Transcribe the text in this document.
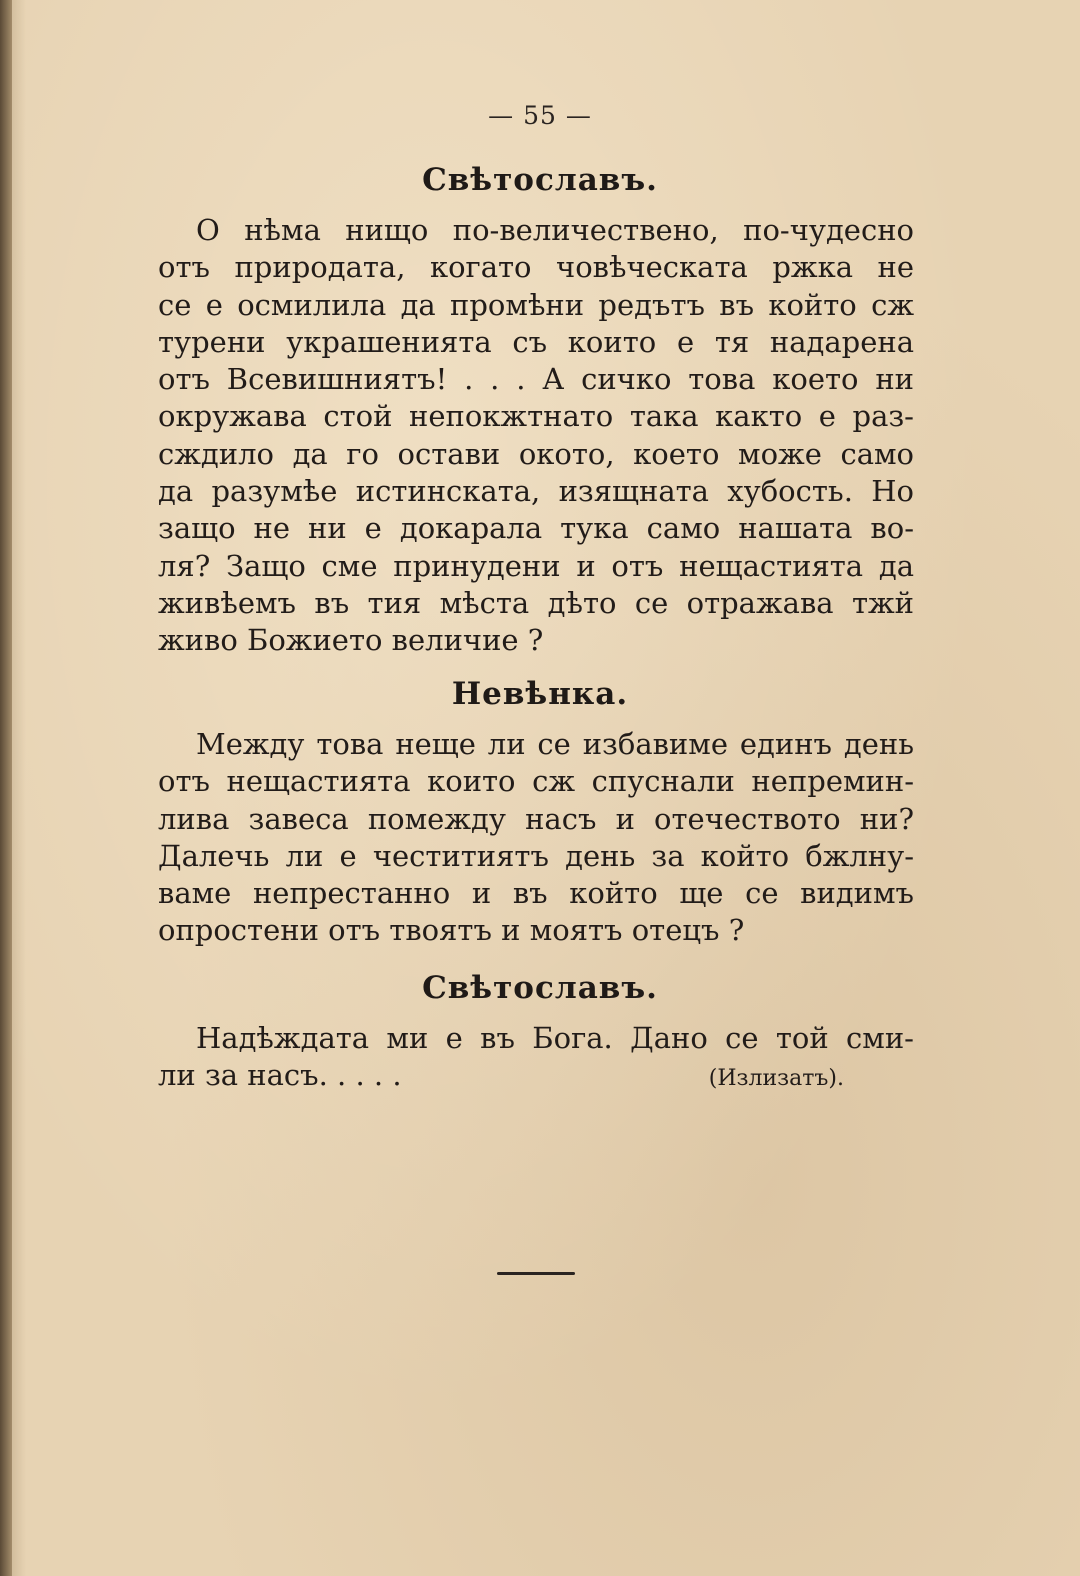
— 55 —
Свѣтославъ.
О нѣма нищо по-величествено, по-чудесно
отъ природата, когато човѣческата ржка не
се е осмилила да промѣни редътъ въ който сж
турени украшенията съ които е тя надарена
отъ Всевишниятъ! . . . А сичко това което ни
окружава стой непокжтнато така както е раз-
сждило да го остави окото, което може само
да разумѣе истинската, изящната хубость. Но
защо не ни е докарала тука само нашата во-
ля? Защо сме принудени и отъ нещастията да
живѣемъ въ тия мѣста дѣто се отражава тжй
живо Божието величие ?
Невѣнка.
Между това неще ли се избавиме единъ день
отъ нещастията които сж спуснали непремин-
лива завеса помежду насъ и отечеството ни?
Далечь ли е честитиятъ день за който бжлну-
ваме непрестанно и въ който ще се видимъ
опростени отъ твоятъ и моятъ отецъ ?
Свѣтославъ.
Надѣждата ми е въ Бога. Дано се той сми-
ли за насъ. . . . .	(Излизатъ).
